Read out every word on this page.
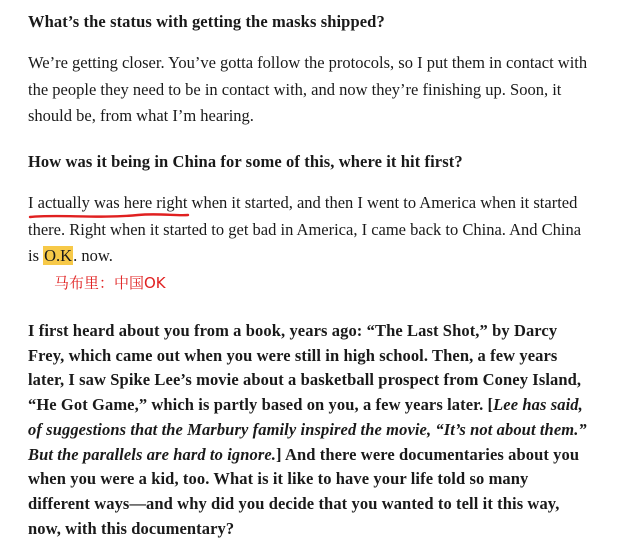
What’s the status with getting the masks shipped?

We’re getting closer. You’ve gotta follow the protocols, so I put them in contact with the people they need to be in contact with, and now they’re finishing up. Soon, it should be, from what I’m hearing.

How was it being in China for some of this, where it hit first?

I actually was here right when it started, and then I went to America when it started there. Right when it started to get bad in America, I came back to China. And China is O.K. now.
马布里：中国OK

I first heard about you from a book, years ago: “The Last Shot,” by Darcy Frey, which came out when you were still in high school. Then, a few years later, I saw Spike Lee’s movie about a basketball prospect from Coney Island, “He Got Game,” which is partly based on you, a few years later. [Lee has said, of suggestions that the Marbury family inspired the movie, “It’s not about them.” But the parallels are hard to ignore.] And there were documentaries about you when you were a kid, too. What is it like to have your life told so many different ways—and why did you decide that you wanted to tell it this way, now, with this documentary?
